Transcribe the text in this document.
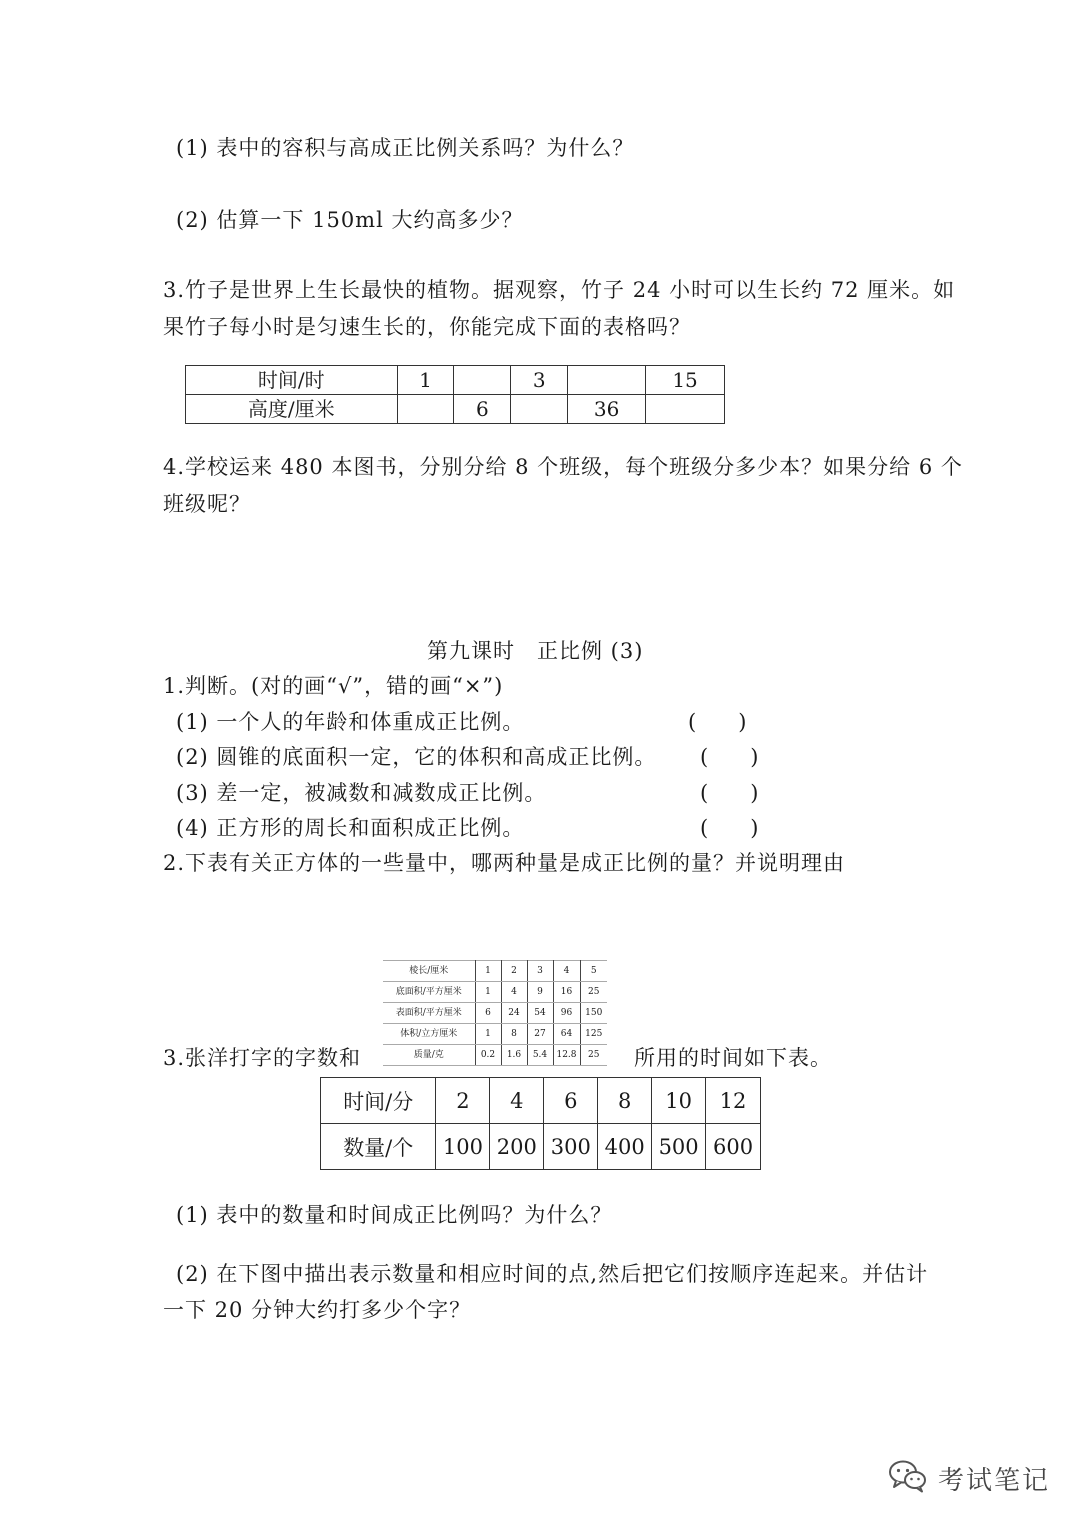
(1) 表中的容积与高成正比例关系吗？为什么？
(2) 估算一下 150ml 大约高多少？
3.竹子是世界上生长最快的植物。据观察，竹子 24 小时可以生长约 72 厘米。如
果竹子每小时是匀速生长的，你能完成下面的表格吗？
时间/时	1		3		15
高度/厘米		6		36	
4.学校运来 480 本图书，分别分给 8 个班级，每个班级分多少本？如果分给 6 个
班级呢？
第九课时　正比例 (3)
1.判断。(对的画“√”，错的画“×”)
(1) 一个人的年龄和体重成正比例。	(　　)
(2) 圆锥的底面积一定，它的体积和高成正比例。 (　　)
(3) 差一定，被减数和减数成正比例。	(　　)
(4) 正方形的周长和面积成正比例。	(　　)
2.下表有关正方体的一些量中，哪两种量是成正比例的量？并说明理由
棱长/厘米	1	2	3	4	5
底面积/平方厘米	1	4	9	16	25
表面积/平方厘米	6	24	54	96	150
体积/立方厘米	1	8	27	64	125
质量/克	0.2	1.6	5.4	12.8	25
3.张洋打字的字数和	所用的时间如下表。
时间/分	2	4	6	8	10	12
数量/个	100	200	300	400	500	600
(1) 表中的数量和时间成正比例吗？为什么？
(2) 在下图中描出表示数量和相应时间的点,然后把它们按顺序连起来。并估计
一下 20 分钟大约打多少个字？
考试笔记
